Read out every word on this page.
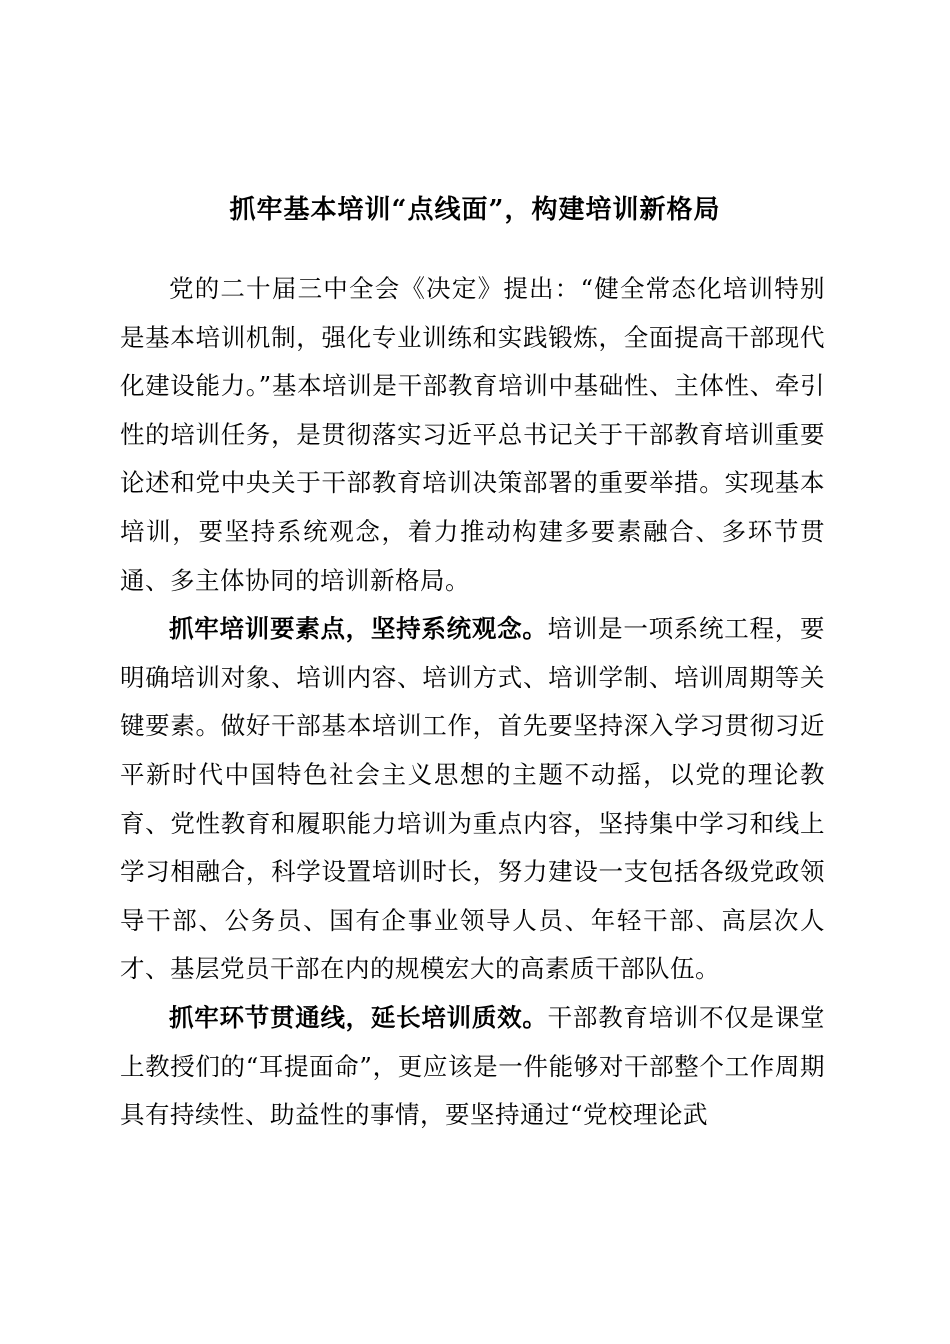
抓牢基本培训“点线面”，构建培训新格局

党的二十届三中全会《决定》提出：“健全常态化培训特别是基本培训机制，强化专业训练和实践锻炼，全面提高干部现代化建设能力。”基本培训是干部教育培训中基础性、主体性、牵引性的培训任务，是贯彻落实习近平总书记关于干部教育培训重要论述和党中央关于干部教育培训决策部署的重要举措。实现基本培训，要坚持系统观念，着力推动构建多要素融合、多环节贯通、多主体协同的培训新格局。

抓牢培训要素点，坚持系统观念。培训是一项系统工程，要明确培训对象、培训内容、培训方式、培训学制、培训周期等关键要素。做好干部基本培训工作，首先要坚持深入学习贯彻习近平新时代中国特色社会主义思想的主题不动摇，以党的理论教育、党性教育和履职能力培训为重点内容，坚持集中学习和线上学习相融合，科学设置培训时长，努力建设一支包括各级党政领导干部、公务员、国有企事业领导人员、年轻干部、高层次人才、基层党员干部在内的规模宏大的高素质干部队伍。

抓牢环节贯通线，延长培训质效。干部教育培训不仅是课堂上教授们的“耳提面命”，更应该是一件能够对干部整个工作周期具有持续性、助益性的事情，要坚持通过“党校理论武
